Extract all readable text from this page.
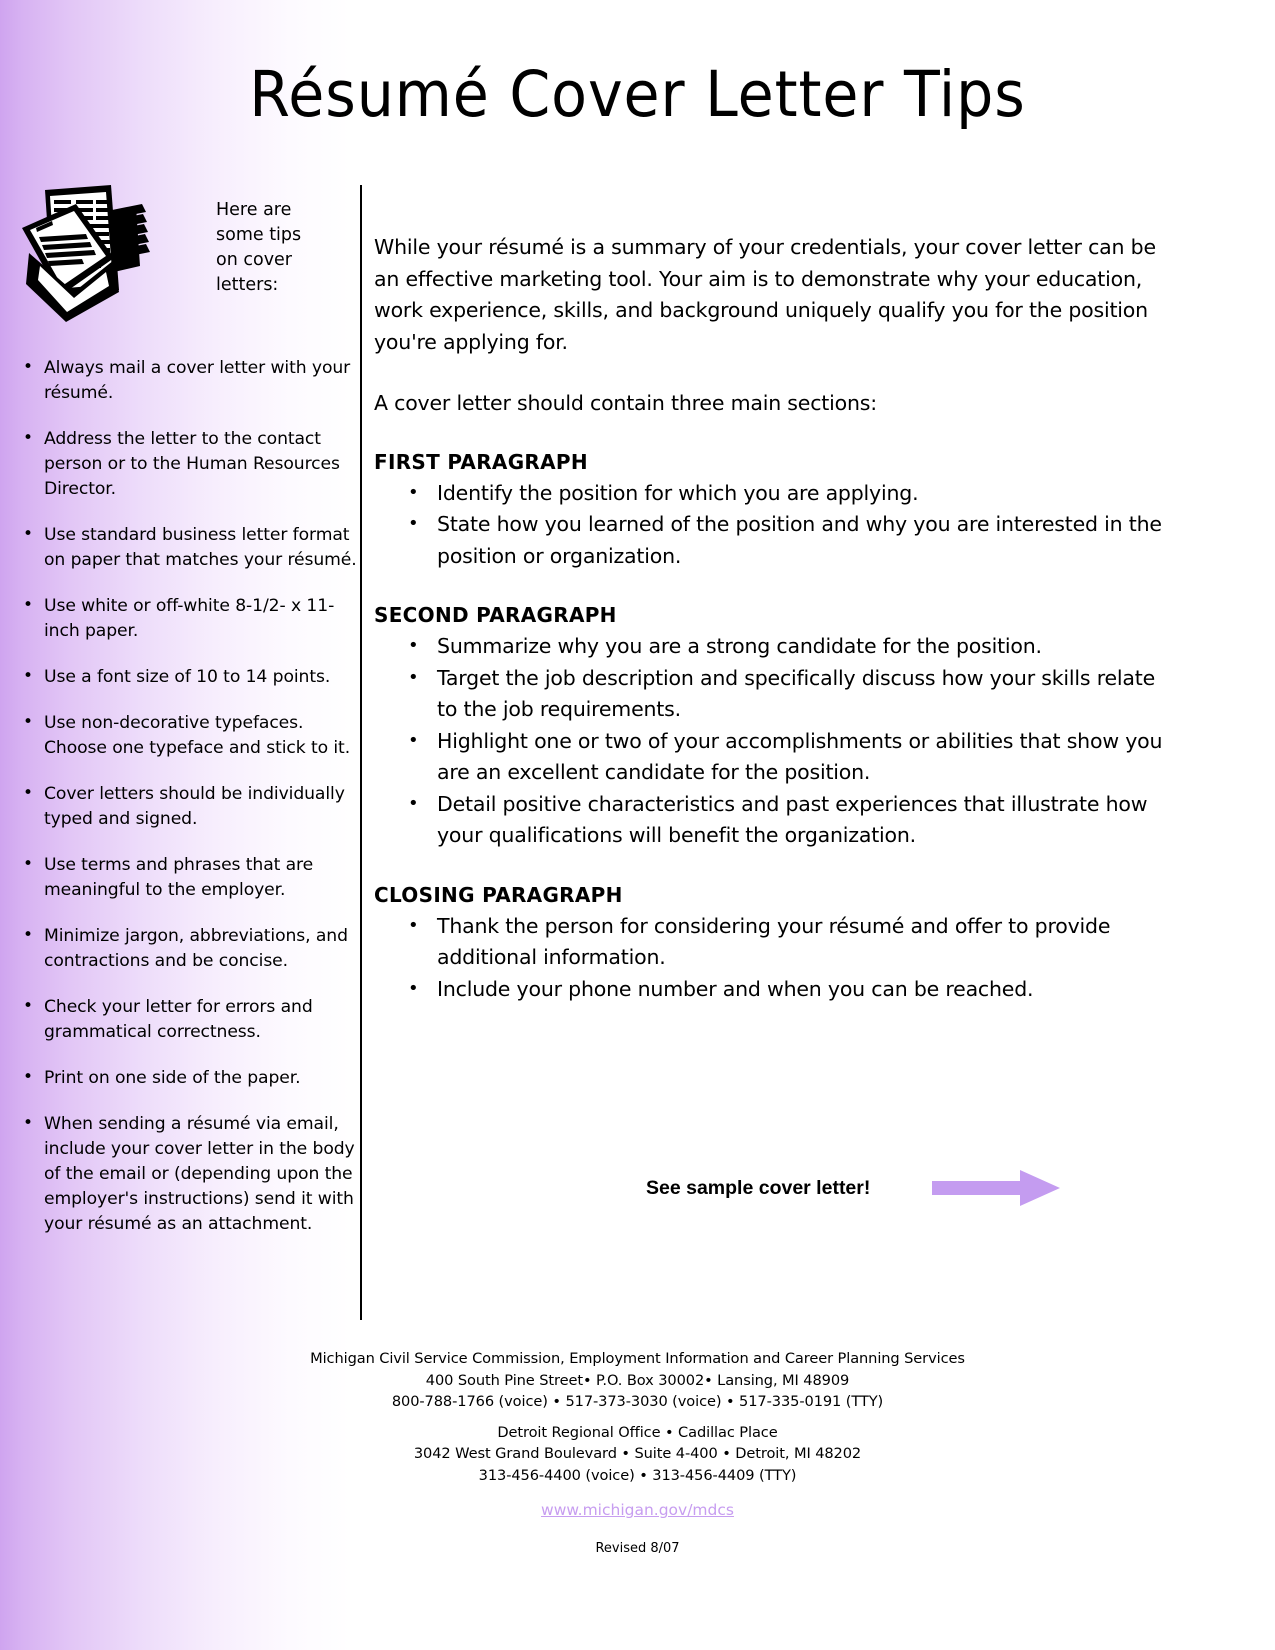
Résumé Cover Letter Tips
Here are some tips on cover letters:
• Always mail a cover letter with your résumé.
• Address the letter to the contact person or to the Human Resources Director.
• Use standard business letter format on paper that matches your résumé.
• Use white or off-white 8-1/2- x 11-inch paper.
• Use a font size of 10 to 14 points.
• Use non-decorative typefaces. Choose one typeface and stick to it.
• Cover letters should be individually typed and signed.
• Use terms and phrases that are meaningful to the employer.
• Minimize jargon, abbreviations, and contractions and be concise.
• Check your letter for errors and grammatical correctness.
• Print on one side of the paper.
• When sending a résumé via email, include your cover letter in the body of the email or (depending upon the employer's instructions) send it with your résumé as an attachment.

While your résumé is a summary of your credentials, your cover letter can be an effective marketing tool. Your aim is to demonstrate why your education, work experience, skills, and background uniquely qualify you for the position you're applying for.

A cover letter should contain three main sections:

FIRST PARAGRAPH
• Identify the position for which you are applying.
• State how you learned of the position and why you are interested in the position or organization.
SECOND PARAGRAPH
• Summarize why you are a strong candidate for the position.
• Target the job description and specifically discuss how your skills relate to the job requirements.
• Highlight one or two of your accomplishments or abilities that show you are an excellent candidate for the position.
• Detail positive characteristics and past experiences that illustrate how your qualifications will benefit the organization.
CLOSING PARAGRAPH
• Thank the person for considering your résumé and offer to provide additional information.
• Include your phone number and when you can be reached.
See sample cover letter!
Michigan Civil Service Commission, Employment Information and Career Planning Services
400 South Pine Street• P.O. Box 30002• Lansing, MI 48909
800-788-1766 (voice) • 517-373-3030 (voice) • 517-335-0191 (TTY)
Detroit Regional Office • Cadillac Place
3042 West Grand Boulevard • Suite 4-400 • Detroit, MI 48202
313-456-4400 (voice) • 313-456-4409 (TTY)
www.michigan.gov/mdcs
Revised 8/07
